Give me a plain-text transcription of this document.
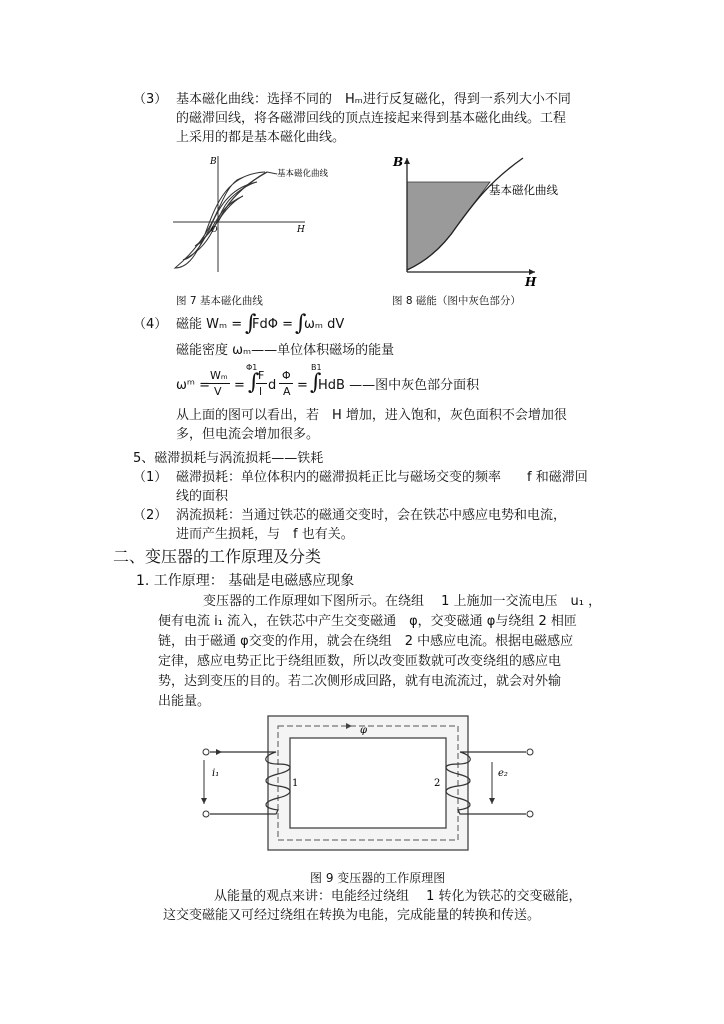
（3） 基本磁化曲线：选择不同的　Hₘ进行反复磁化，得到一系列大小不同
的磁滞回线，将各磁滞回线的顶点连接起来得到基本磁化曲线。工程
上采用的都是基本磁化曲线。
B
H
O
基本磁化曲线
图 7 基本磁化曲线
B
H
基本磁化曲线
图 8 磁能（图中灰色部分）
（4） 磁能 Wₘ = ∫
FdΦ = ∫
ωₘ dV
磁能密度 ωₘ——单位体积磁场的能量
ωᵐ =
Wₘ
V =
Φ1
∫
F
l d
Φ
A =
B1
∫
HdB ——图中灰色部分面积
从上面的图可以看出，若　H 增加，进入饱和，灰色面积不会增加很
多，但电流会增加很多。
5、磁滞损耗与涡流损耗——铁耗
（1） 磁滞损耗：单位体积内的磁滞损耗正比与磁场交变的频率　　f 和磁滞回
线的面积
（2） 涡流损耗：当通过铁芯的磁通交变时，会在铁芯中感应电势和电流，
进而产生损耗，与　f 也有关。
二、变压器的工作原理及分类
1. 工作原理： 基础是电磁感应现象
变压器的工作原理如下图所示。在绕组　 1 上施加一交流电压　u₁ ，
便有电流 i₁ 流入，在铁芯中产生交变磁通　φ，交变磁通 φ与绕组 2 相匝
链，由于磁通 φ交变的作用，就会在绕组　2 中感应电流。根据电磁感应
定律，感应电势正比于绕组匝数，所以改变匝数就可改变绕组的感应电
势，达到变压的目的。若二次侧形成回路，就有电流流过，就会对外输
出能量。
φ
i₁
1	2
e₂
图 9 变压器的工作原理图
从能量的观点来讲：电能经过绕组　 1 转化为铁芯的交变磁能，
这交变磁能又可经过绕组在转换为电能，完成能量的转换和传送。
